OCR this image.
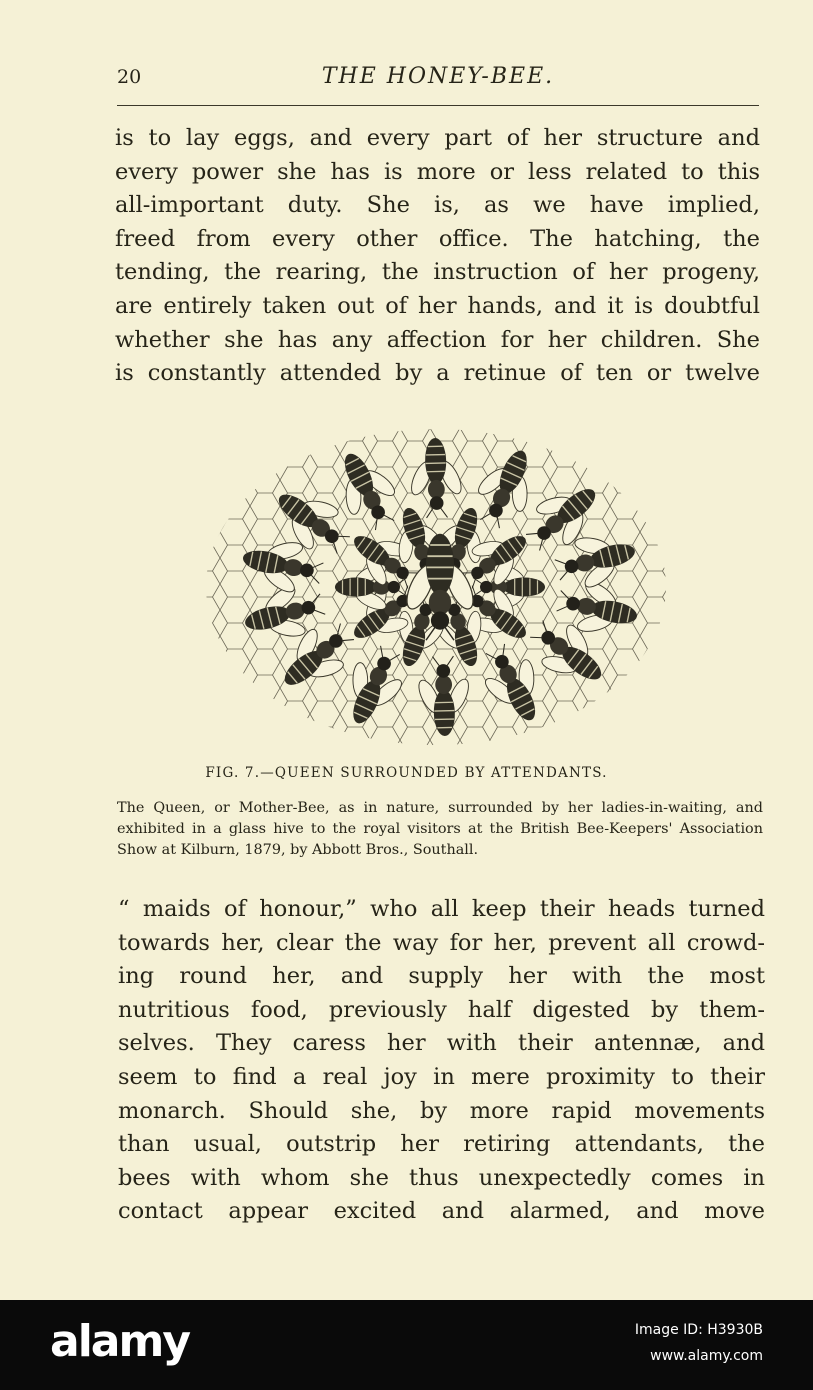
20	THE HONEY-BEE.
is to lay eggs, and every part of her structure and
every power she has is more or less related to this
all-important duty. She is, as we have implied,
freed from every other office. The hatching, the
tending, the rearing, the instruction of her progeny,
are entirely taken out of her hands, and it is doubtful
whether she has any affection for her children. She
is constantly attended by a retinue of ten or twelve
FIG. 7.—QUEEN SURROUNDED BY ATTENDANTS.
The Queen, or Mother-Bee, as in nature, surrounded by her ladies-in-waiting, and
exhibited in a glass hive to the royal visitors at the British Bee-Keepers' Association
Show at Kilburn, 1879, by Abbott Bros., Southall.
“ maids of honour,” who all keep their heads turned
towards her, clear the way for her, prevent all crowd-
ing round her, and supply her with the most
nutritious food, previously half digested by them-
selves. They caress her with their antennæ, and
seem to find a real joy in mere proximity to their
monarch. Should she, by more rapid movements
than usual, outstrip her retiring attendants, the
bees with whom she thus unexpectedly comes in
contact appear excited and alarmed, and move
alamy	Image ID: H3930B
www.alamy.com
